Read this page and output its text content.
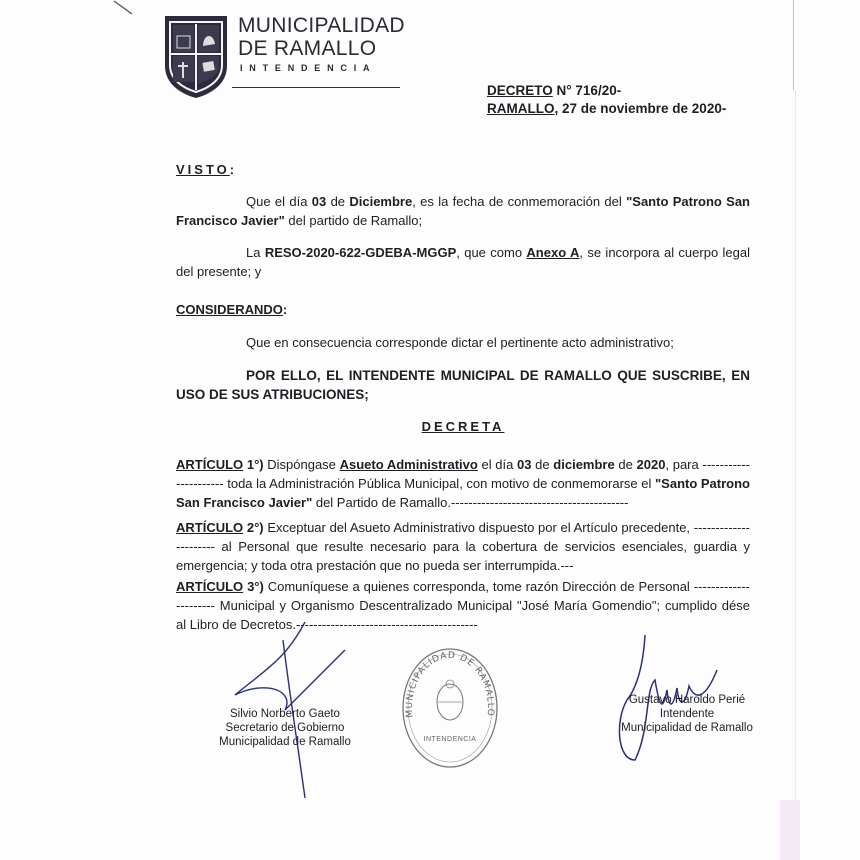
MUNICIPALIDAD
DE RAMALLO
INTENDENCIA
DECRETO N° 716/20-
RAMALLO, 27 de noviembre de 2020-

VISTO:

Que el día 03 de Diciembre, es la fecha de conmemoración del "Santo Patrono San Francisco Javier" del partido de Ramallo;

La RESO-2020-622-GDEBA-MGGP, que como Anexo A, se incorpora al cuerpo legal del presente; y

CONSIDERANDO:

Que en consecuencia corresponde dictar el pertinente acto administrativo;

POR ELLO, EL INTENDENTE MUNICIPAL DE RAMALLO QUE SUSCRIBE, EN USO DE SUS ATRIBUCIONES;

DECRETA
ARTÍCULO 1°) Dispóngase Asueto Administrativo el día 03 de diciembre de 2020, para ---------------------- toda la Administración Pública Municipal, con motivo de conmemorarse el "Santo Patrono San Francisco Javier" del Partido de Ramallo.-----------------------------------------
ARTÍCULO 2°) Exceptuar del Asueto Administrativo dispuesto por el Artículo precedente, ---------------------- al Personal que resulte necesario para la cobertura de servicios esenciales, guardia y emergencia; y toda otra prestación que no pueda ser interrumpida.---
ARTÍCULO 3°) Comuníquese a quienes corresponda, tome razón Dirección de Personal ---------------------- Municipal y Organismo Descentralizado Municipal "José María Gomendio"; cumplido dése al Libro de Decretos.------------------------------------------
Silvio Norberto Gaeto
Secretario de Gobierno
Municipalidad de Ramallo
MUNICIPALIDAD DE RAMALLO
INTENDENCIA
Gustavo Haroldo Perié
Intendente
Municipalidad de Ramallo
